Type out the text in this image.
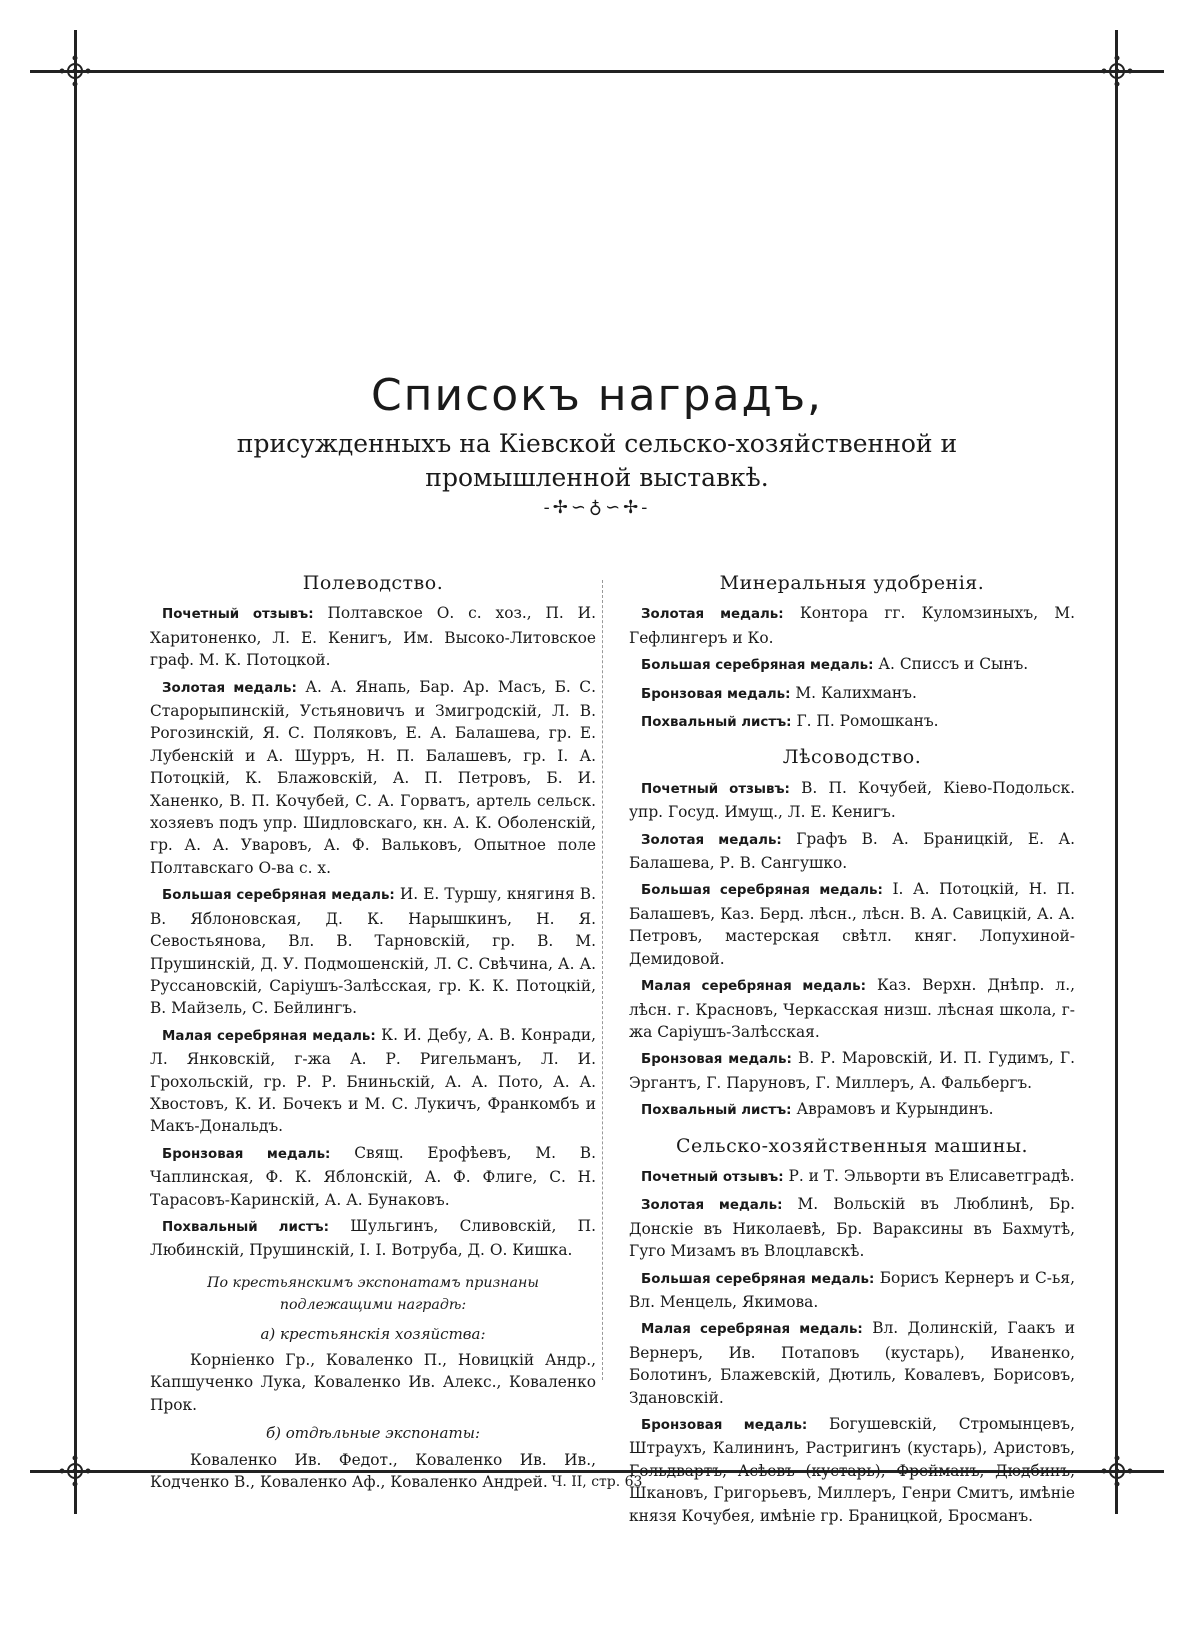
Списокъ наградъ,
присужденныхъ на Кіевской сельско-хозяйственной и промышленной выставкѣ.
-✢∽♁∽✢-
Полеводство.

Почетный отзывъ: Полтавское О. с. хоз., П. И. Харитоненко, Л. Е. Кенигъ, Им. Высоко-Литовское граф. М. К. Потоцкой.

Золотая медаль: А. А. Янапь, Бар. Ар. Масъ, Б. С. Старорыпинскій, Устьяновичъ и Змигродскій, Л. В. Рогозинскій, Я. С. Поляковъ, Е. А. Балашева, гр. Е. Лубенскій и А. Шурръ, Н. П. Балашевъ, гр. І. А. Потоцкій, К. Блажовскій, А. П. Петровъ, Б. И. Ханенко, В. П. Кочубей, С. А. Горватъ, артель сельск. хозяевъ подъ упр. Шидловскаго, кн. А. К. Оболенскій, гр. А. А. Уваровъ, А. Ф. Вальковъ, Опытное поле Полтавскаго О-ва с. х.

Большая серебряная медаль: И. Е. Туршу, княгиня В. В. Яблоновская, Д. К. Нарышкинъ, Н. Я. Севостьянова, Вл. В. Тарновскій, гр. В. М. Прушинскій, Д. У. Подмошенскій, Л. С. Свѣчина, А. А. Руссановскій, Саріушъ-Залѣсская, гр. К. К. Потоцкій, В. Майзель, С. Бейлингъ.

Малая серебряная медаль: К. И. Дебу, А. В. Конради, Л. Янковскій, г-жа А. Р. Ригельманъ, Л. И. Грохольскій, гр. Р. Р. Бниньскій, А. А. Пото, А. А. Хвостовъ, К. И. Бочекъ и М. С. Лукичъ, Франкомбъ и Макъ-Дональдъ.

Бронзовая медаль: Свящ. Ерофѣевъ, М. В. Чаплинская, Ф. К. Яблонскій, А. Ф. Флиге, С. Н. Тарасовъ-Каринскій, А. А. Бунаковъ.

Похвальный листъ: Шульгинъ, Сливовскій, П. Любинскій, Прушинскій, І. І. Вотруба, Д. О. Кишка.

По крестьянскимъ экспонатамъ признаны подлежащими наградѣ:
а) крестьянскія хозяйства:

Корнiенко Гр., Коваленко П., Новицкій Андр., Капшученко Лука, Коваленко Ив. Алекс., Коваленко Прок.

б) отдѣльные экспонаты:

Коваленко Ив. Федот., Коваленко Ив. Ив., Кодченко В., Коваленко Аф., Коваленко Андрей.

Минеральныя удобренія.

Золотая медаль: Контора гг. Куломзиныхъ, М. Гефлингеръ и Ко.

Большая серебряная медаль: А. Списсъ и Сынъ.

Бронзовая медаль: М. Калихманъ.

Похвальный листъ: Г. П. Ромошканъ.

Лѣсоводство.

Почетный отзывъ: В. П. Кочубей, Кіево-Подольск. упр. Госуд. Имущ., Л. Е. Кенигъ.

Золотая медаль: Графъ В. А. Браницкій, Е. А. Балашева, Р. В. Сангушко.

Большая серебряная медаль: І. А. Потоцкій, Н. П. Балашевъ, Каз. Берд. лѣсн., лѣсн. В. А. Савицкій, А. А. Петровъ, мастерская свѣтл. княг. Лопухиной-Демидовой.

Малая серебряная медаль: Каз. Верхн. Днѣпр. л., лѣсн. г. Красновъ, Черкасская низш. лѣсная школа, г-жа Саріушъ-Залѣсская.

Бронзовая медаль: В. Р. Маровскій, И. П. Гудимъ, Г. Эргантъ, Г. Паруновъ, Г. Миллеръ, А. Фальбергъ.

Похвальный листъ: Аврамовъ и Курындинъ.

Сельско-хозяйственныя машины.

Почетный отзывъ: Р. и Т. Эльворти въ Елисаветградѣ.

Золотая медаль: М. Вольскій въ Люблинѣ, Бр. Донскіе въ Николаевѣ, Бр. Вараксины въ Бахмутѣ, Гуго Мизамъ въ Влоцлавскѣ.

Большая серебряная медаль: Борисъ Кернеръ и С-ья, Вл. Менцель, Якимова.

Малая серебряная медаль: Вл. Долинскій, Гаакъ и Вернеръ, Ив. Потаповъ (кустарь), Иваненко, Болотинъ, Блажевскій, Дютиль, Ковалевъ, Борисовъ, Здановскій.

Бронзовая медаль: Богушевскій, Стромынцевъ, Штраухъ, Калининъ, Растригинъ (кустарь), Аристовъ, Гольдвартъ, Асѣевъ (кустарь), Фрейманъ, Дюдбинъ, Шкановъ, Григорьевъ, Миллеръ, Генри Смитъ, имѣніе князя Кочубея, имѣніе гр. Браницкой, Бросманъ.

Ч. II, стр. 63
